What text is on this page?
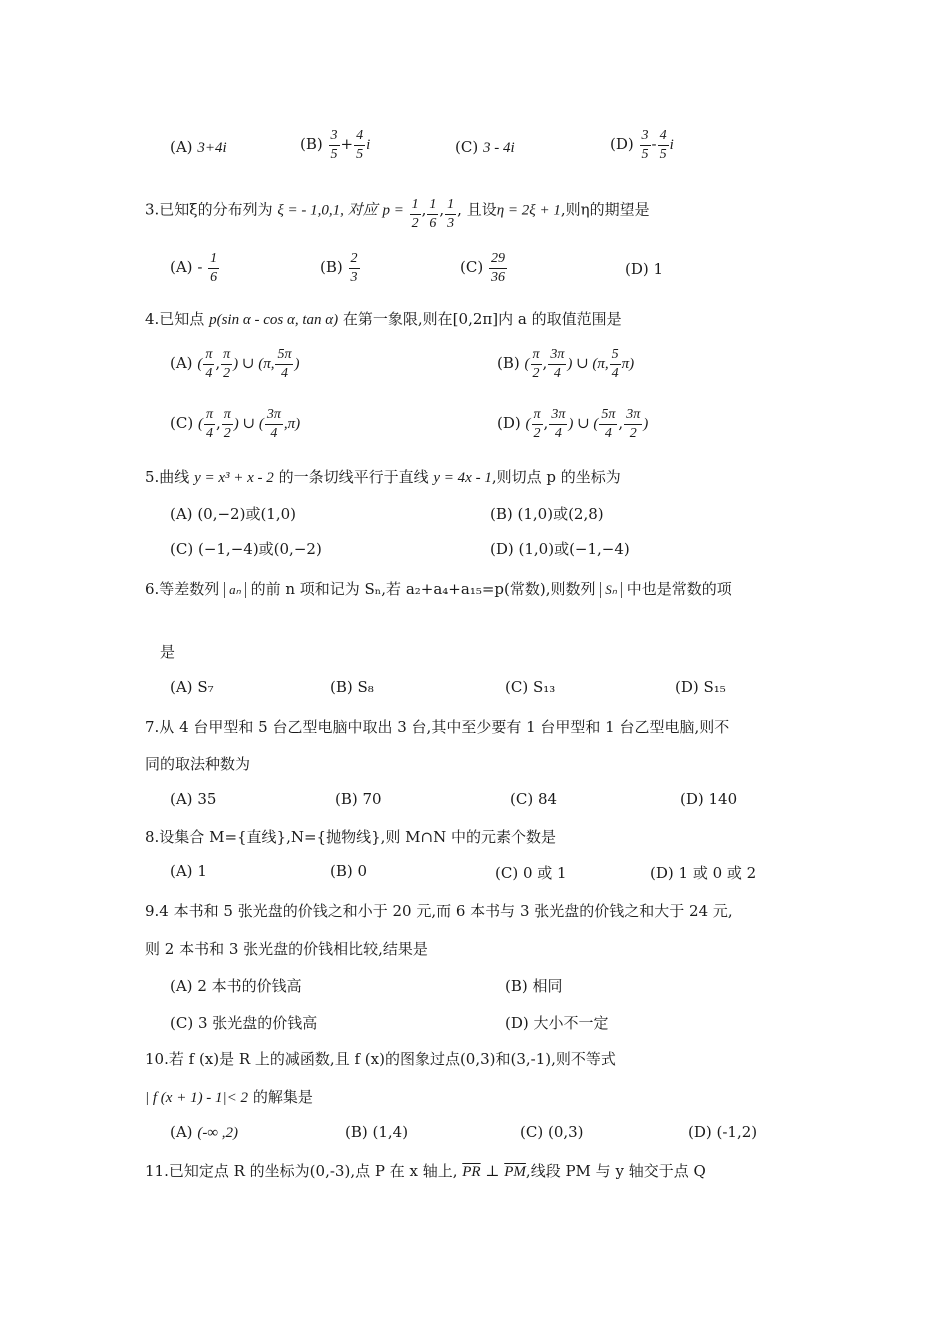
(A) 3+4i	$(B) \frac{3}{5} + \frac{4}{5}$ i	(C) 3 - 4i	$(D) \frac{3}{5} - \frac{4}{5}$ i
3.已知ξ的分布列为 ξ = - 1,0,1, 对应 $p = \frac{1}{2}$ , $\frac{1}{6}$ , $\frac{1}{3}$ , 且设η = 2ξ + 1,则η的期望是
$(A) - \frac{1}{6}$	$(B) \frac{2}{3}$	$(C) \frac{29}{36}$	(D) 1
4.已知点 p(sin α - cos α, tan α) 在第一象限,则在[0,2π]内 a 的取值范围是
(A) ( $\frac{\pi}{4}$ , $\frac{\pi}{2}$ ) ∪ (π, $\frac{5\pi}{4}$ )	(B) ( $\frac{\pi}{2}$ , $\frac{3\pi}{4}$ ) ∪ (π, $\frac{5}{4} \pi$)
(C) ( $\frac{\pi}{4}$ , $\frac{\pi}{2}$ ) ∪ ( $\frac{3\pi}{4} ,\pi$)	(D) ( $\frac{\pi}{2}$ , $\frac{3\pi}{4}$ ) ∪ ( $\frac{5\pi}{4}$ , $\frac{3\pi}{2}$ )
5.曲线 y = x³ + x - 2 的一条切线平行于直线 y = 4x - 1,则切点 p 的坐标为
(A) (0,−2)或(1,0)	(B) (1,0)或(2,8)
(C) (−1,−4)或(0,−2)	(D) (1,0)或(−1,−4)
6.等差数列 aₙ 的前 n 项和记为 Sₙ,若 a₂+a₄+a₁₅=p(常数),则数列 Sₙ 中也是常数的项
是
(A) S₇	(B) S₈	(C) S₁₃	(D) S₁₅
7.从 4 台甲型和 5 台乙型电脑中取出 3 台,其中至少要有 1 台甲型和 1 台乙型电脑,则不
同的取法种数为
(A) 35	(B) 70	(C) 84	(D) 140
8.设集合 M={直线},N={抛物线},则 M∩N 中的元素个数是
(A) 1	(B) 0	(C) 0 或 1	(D) 1 或 0 或 2
9.4 本书和 5 张光盘的价钱之和小于 20 元,而 6 本书与 3 张光盘的价钱之和大于 24 元,
则 2 本书和 3 张光盘的价钱相比较,结果是
(A) 2 本书的价钱高	(B) 相同
(C) 3 张光盘的价钱高	(D) 大小不一定
10.若 f (x)是 R 上的减函数,且 f (x)的图象过点(0,3)和(3,-1),则不等式
| f (x + 1) - 1|< 2 的解集是
(A) (-∞ ,2)	(B) (1,4)	(C) (0,3)	(D) (-1,2)
11.已知定点 R 的坐标为(0,-3),点 P 在 x 轴上, $\overline{PR}$ ⊥ $\overline{PM}$,线段 PM 与 y 轴交于点 Q
